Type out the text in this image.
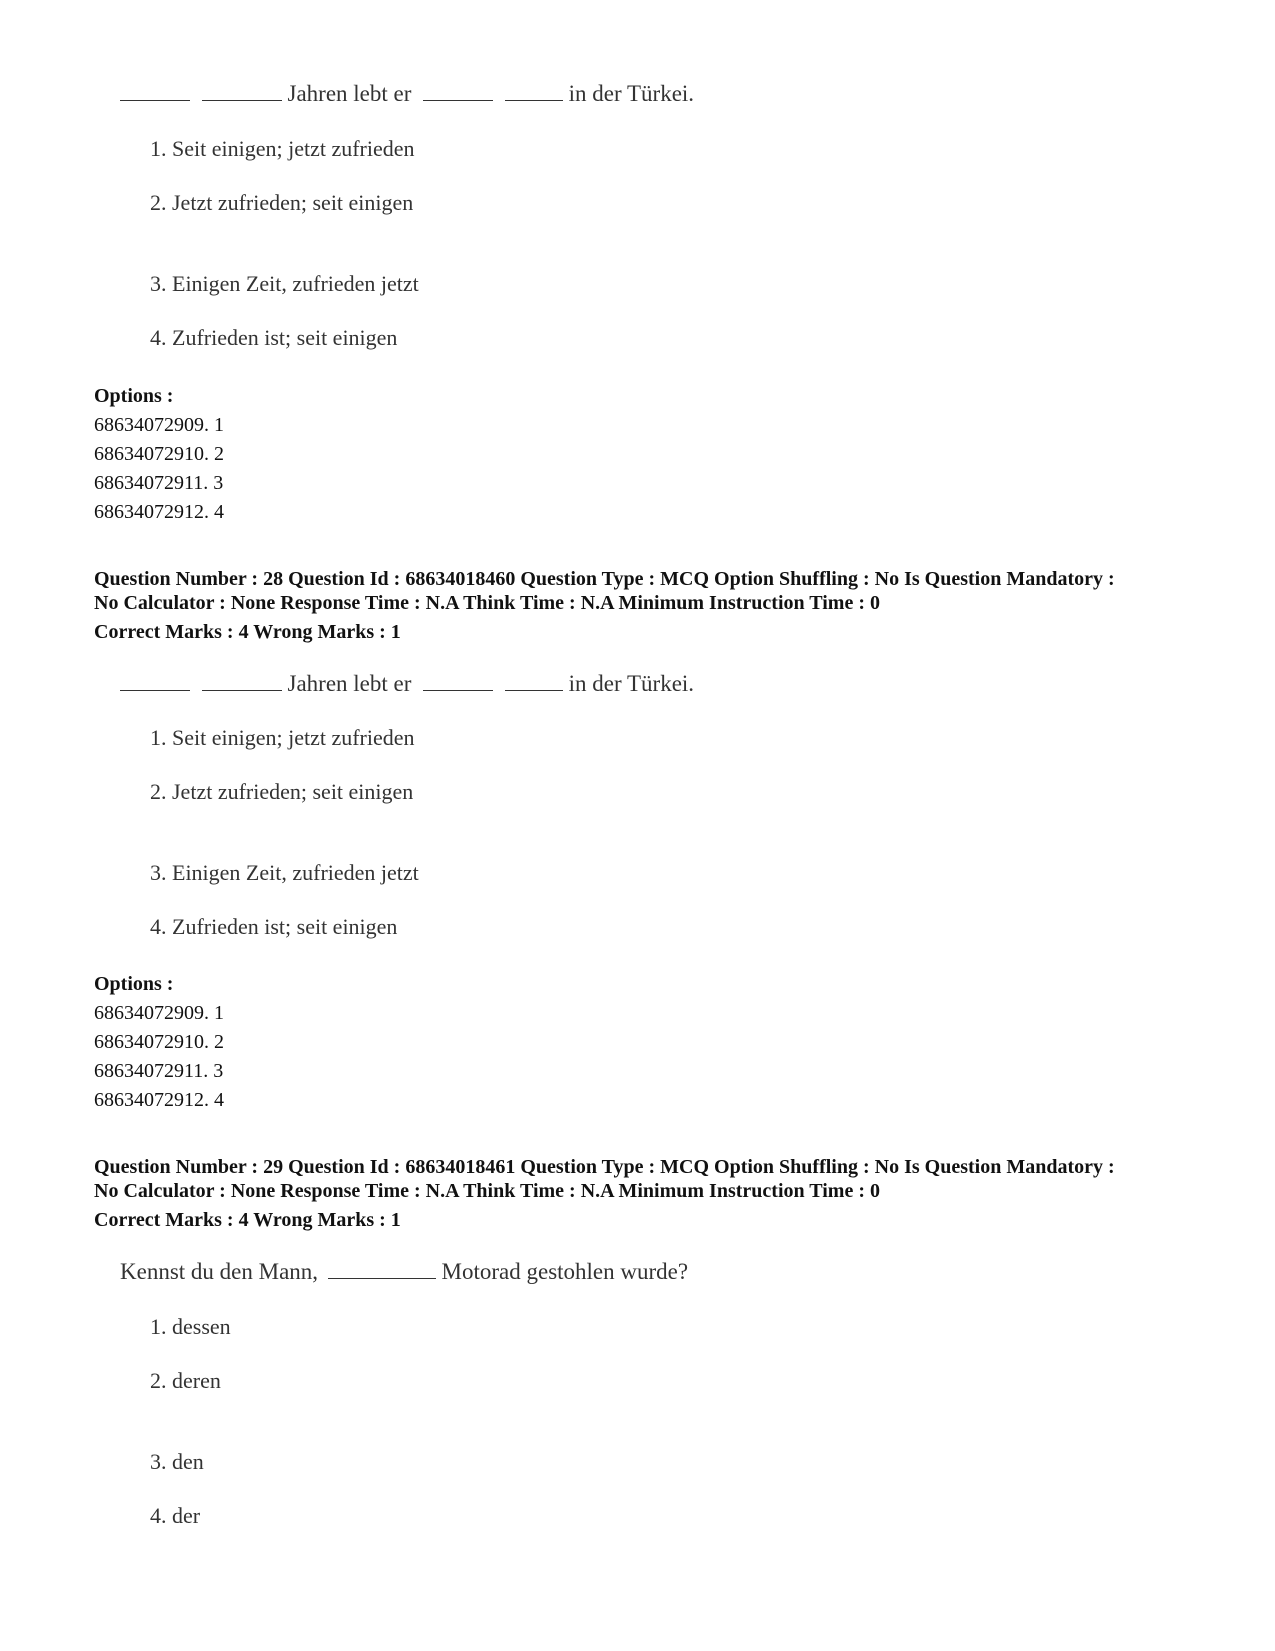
Jahren lebt er	in der Türkei.
1. Seit einigen; jetzt zufrieden
2. Jetzt zufrieden; seit einigen
3. Einigen Zeit, zufrieden jetzt
4. Zufrieden ist; seit einigen
Options :
68634072909. 1
68634072910. 2
68634072911. 3
68634072912. 4
Question Number : 28 Question Id : 68634018460 Question Type : MCQ Option Shuffling : No Is Question Mandatory :
No Calculator : None Response Time : N.A Think Time : N.A Minimum Instruction Time : 0
Correct Marks : 4 Wrong Marks : 1
Jahren lebt er	in der Türkei.
1. Seit einigen; jetzt zufrieden
2. Jetzt zufrieden; seit einigen
3. Einigen Zeit, zufrieden jetzt
4. Zufrieden ist; seit einigen
Options :
68634072909. 1
68634072910. 2
68634072911. 3
68634072912. 4
Question Number : 29 Question Id : 68634018461 Question Type : MCQ Option Shuffling : No Is Question Mandatory :
No Calculator : None Response Time : N.A Think Time : N.A Minimum Instruction Time : 0
Correct Marks : 4 Wrong Marks : 1
Kennst du den Mann,	Motorad gestohlen wurde?
1. dessen
2. deren
3. den
4. der
